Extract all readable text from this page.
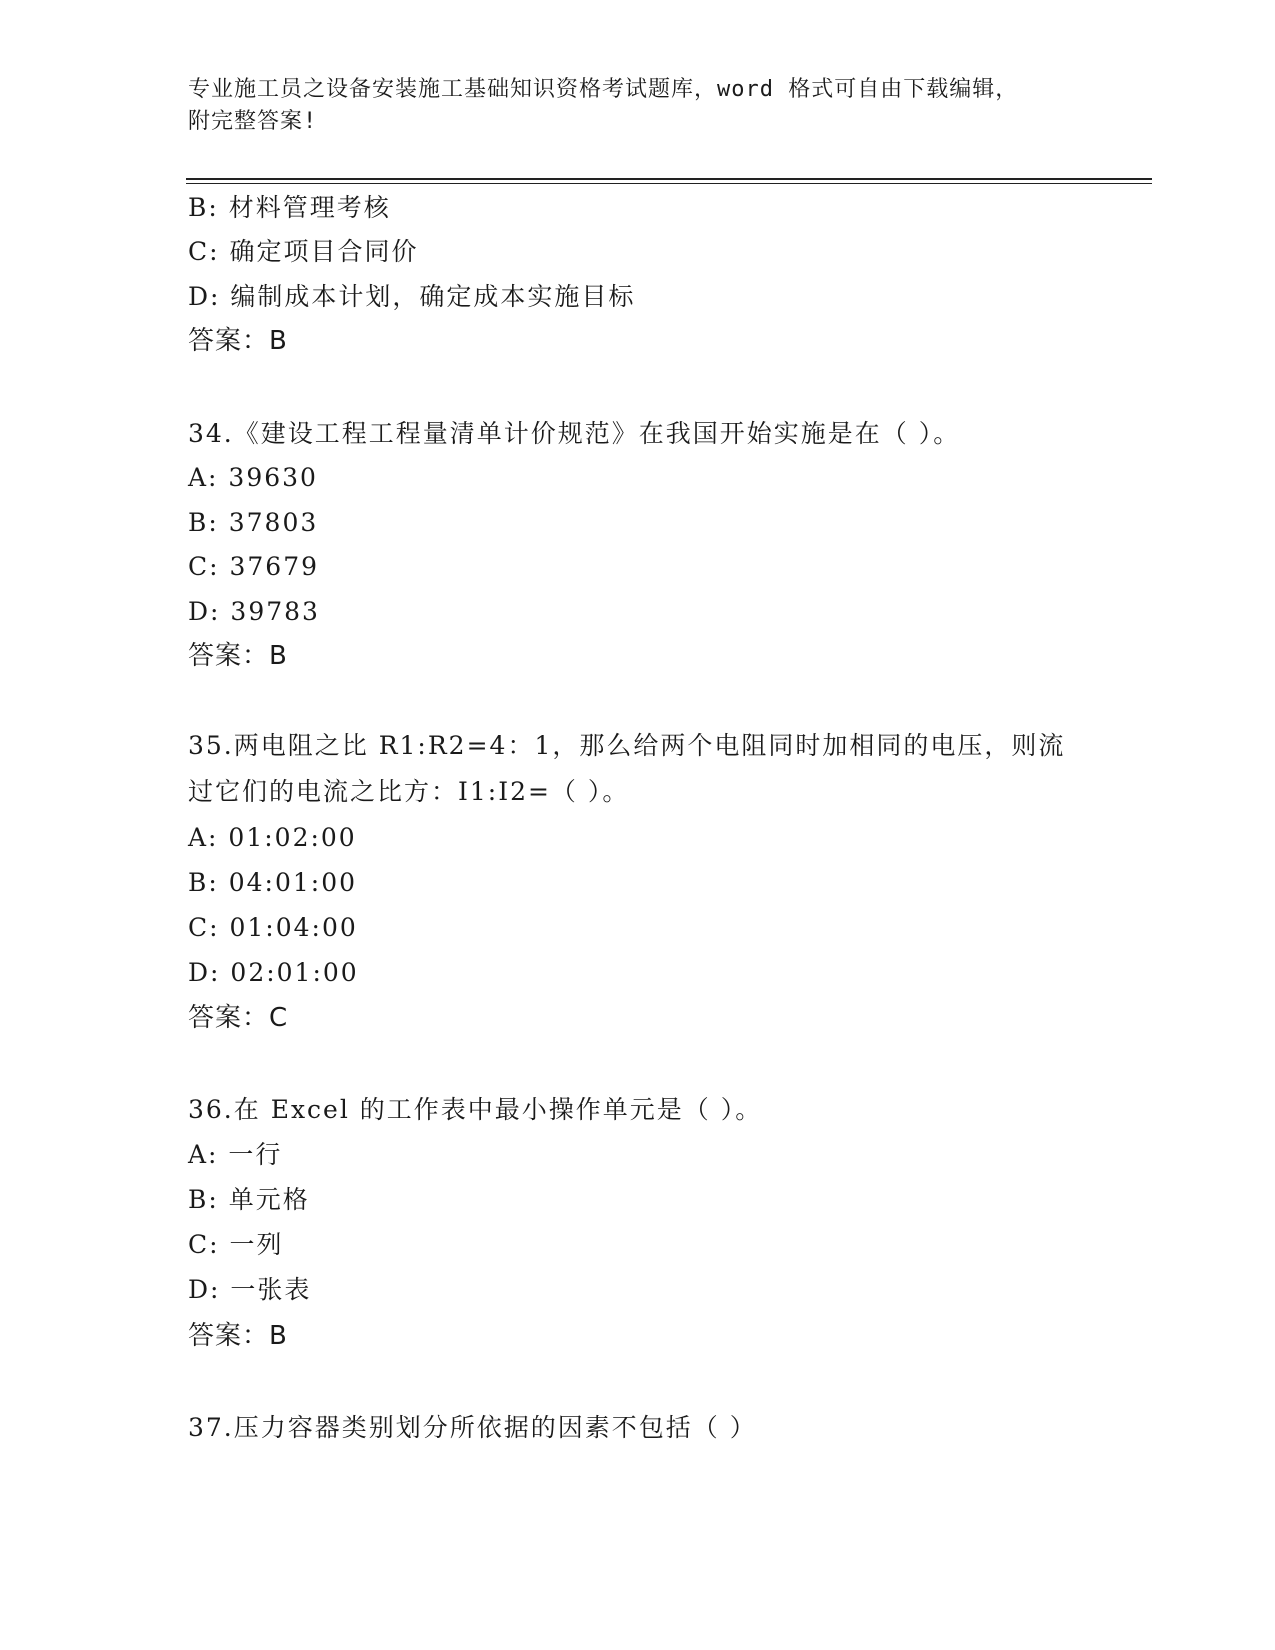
专业施工员之设备安装施工基础知识资格考试题库，word 格式可自由下载编辑，
附完整答案!
B: 材料管理考核
C: 确定项目合同价
D: 编制成本计划，确定成本实施目标
答案：B
34.《建设工程工程量清单计价规范》在我国开始实施是在（ ）。
A: 39630
B: 37803
C: 37679
D: 39783
答案：B
35.两电阻之比 R1:R2=4：1，那么给两个电阻同时加相同的电压，则流
过它们的电流之比方：I1:I2=（ ）。
A: 01:02:00
B: 04:01:00
C: 01:04:00
D: 02:01:00
答案：C
36.在 Excel 的工作表中最小操作单元是（ ）。
A: 一行
B: 单元格
C: 一列
D: 一张表
答案：B
37.压力容器类别划分所依据的因素不包括（ ）
